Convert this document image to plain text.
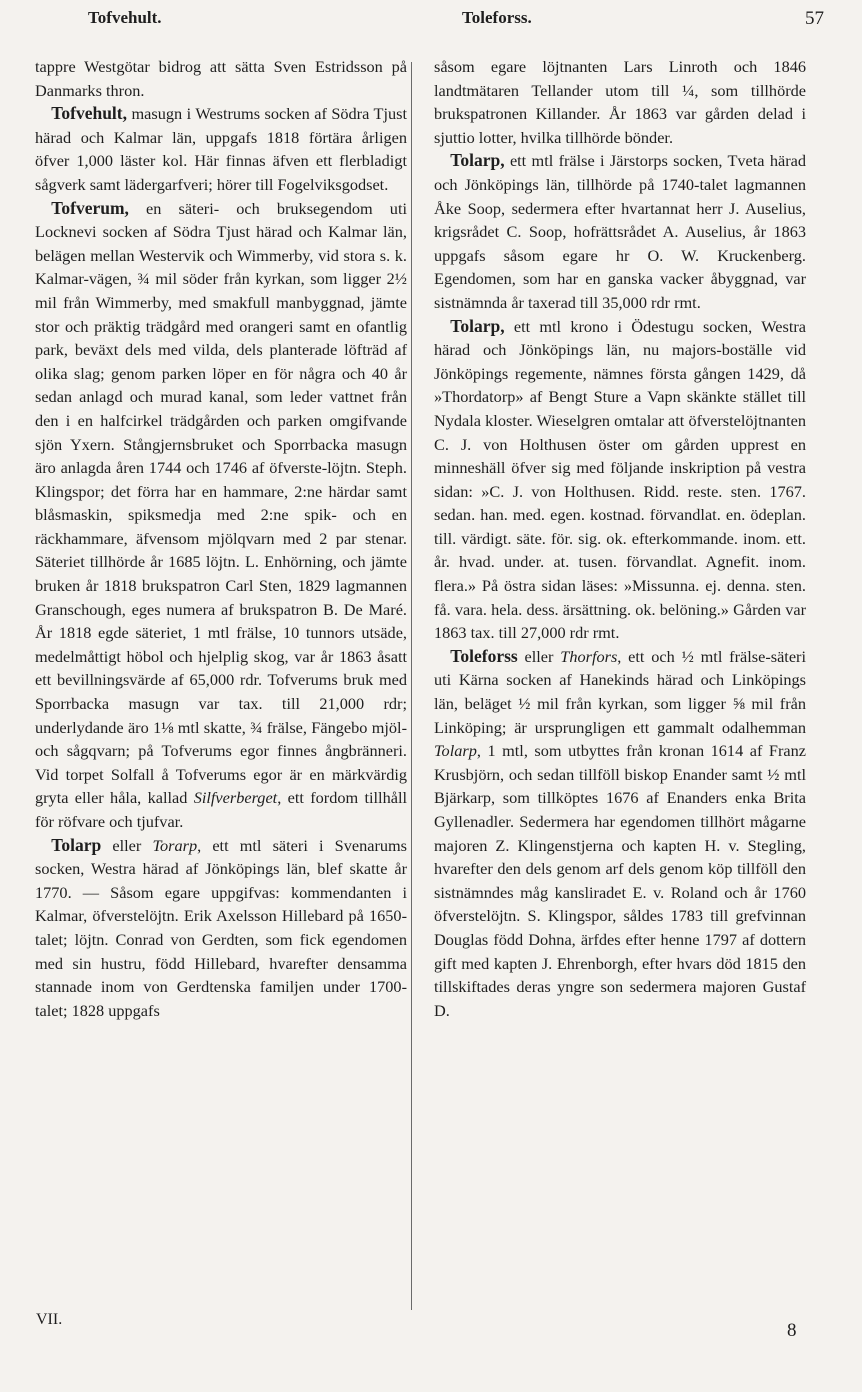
Tofvehult.	Toleforss.	57

tappre Westgötar bidrog att sätta Sven Estridsson på Danmarks thron.

Tofvehult, masugn i Westrums socken af Södra Tjust härad och Kalmar län, uppgafs 1818 förtära årligen öfver 1,000 läster kol. Här finnas äfven ett flerbladigt sågverk samt lädergarfveri; hörer till Fogelviksgodset.

Tofverum, en säteri- och bruksegendom uti Locknevi socken af Södra Tjust härad och Kalmar län, belägen mellan Westervik och Wimmerby, vid stora s. k. Kalmar-vägen, ¾ mil söder från kyrkan, som ligger 2½ mil från Wimmerby, med smakfull manbyggnad, jämte stor och präktig trädgård med orangeri samt en ofantlig park, beväxt dels med vilda, dels planterade löfträd af olika slag; genom parken löper en för några och 40 år sedan anlagd och murad kanal, som leder vattnet från den i en halfcirkel trädgården och parken omgifvande sjön Yxern. Stångjernsbruket och Sporrbacka masugn äro anlagda åren 1744 och 1746 af öfverste-löjtn. Steph. Klingspor; det förra har en hammare, 2:ne härdar samt blåsmaskin, spiksmedja med 2:ne spik- och en räckhammare, äfvensom mjölqvarn med 2 par stenar. Säteriet tillhörde år 1685 löjtn. L. Enhörning, och jämte bruken år 1818 brukspatron Carl Sten, 1829 lagmannen Granschough, eges numera af brukspatron B. De Maré. År 1818 egde säteriet, 1 mtl frälse, 10 tunnors utsäde, medelmåttigt höbol och hjelplig skog, var år 1863 åsatt ett bevillningsvärde af 65,000 rdr. Tofverums bruk med Sporrbacka masugn var tax. till 21,000 rdr; underlydande äro 1⅛ mtl skatte, ¾ frälse, Fängebo mjöl- och sågqvarn; på Tofverums egor finnes ångbränneri. Vid torpet Solfall å Tofverums egor är en märkvärdig gryta eller håla, kallad Silfverberget, ett fordom tillhåll för röfvare och tjufvar.

Tolarp eller Torarp, ett mtl säteri i Svenarums socken, Westra härad af Jönköpings län, blef skatte år 1770. — Såsom egare uppgifvas: kommendanten i Kalmar, öfverstelöjtn. Erik Axelsson Hillebard på 1650-talet; löjtn. Conrad von Gerdten, som fick egendomen med sin hustru, född Hillebard, hvarefter densamma stannade inom von Gerdtenska familjen under 1700-talet; 1828 uppgafs

såsom egare löjtnanten Lars Linroth och 1846 landtmätaren Tellander utom till ¼, som tillhörde brukspatronen Killander. År 1863 var gården delad i sjuttio lotter, hvilka tillhörde bönder.

Tolarp, ett mtl frälse i Järstorps socken, Tveta härad och Jönköpings län, tillhörde på 1740-talet lagmannen Åke Soop, sedermera efter hvartannat herr J. Auselius, krigsrådet C. Soop, hofrättsrådet A. Auselius, år 1863 uppgafs såsom egare hr O. W. Kruckenberg. Egendomen, som har en ganska vacker åbyggnad, var sistnämnda år taxerad till 35,000 rdr rmt.

Tolarp, ett mtl krono i Ödestugu socken, Westra härad och Jönköpings län, nu majors-boställe vid Jönköpings regemente, nämnes första gången 1429, då »Thordatorp» af Bengt Sture a Vapn skänkte stället till Nydala kloster. Wieselgren omtalar att öfverstelöjtnanten C. J. von Holthusen öster om gården upprest en minneshäll öfver sig med följande inskription på vestra sidan: »C. J. von Holthusen. Ridd. reste. sten. 1767. sedan. han. med. egen. kostnad. förvandlat. en. ödeplan. till. värdigt. säte. för. sig. ok. efterkommande. inom. ett. år. hvad. under. at. tusen. förvandlat. Agnefit. inom. flera.» På östra sidan läses: »Missunna. ej. denna. sten. få. vara. hela. dess. ärsättning. ok. belöning.» Gården var 1863 tax. till 27,000 rdr rmt.

Toleforss eller Thorfors, ett och ½ mtl frälse-säteri uti Kärna socken af Hanekinds härad och Linköpings län, beläget ½ mil från kyrkan, som ligger ⅝ mil från Linköping; är ursprungligen ett gammalt odalhemman Tolarp, 1 mtl, som utbyttes från kronan 1614 af Franz Krusbjörn, och sedan tillföll biskop Enander samt ½ mtl Bjärkarp, som tillköptes 1676 af Enanders enka Brita Gyllenadler. Sedermera har egendomen tillhört mågarne majoren Z. Klingenstjerna och kapten H. v. Stegling, hvarefter den dels genom arf dels genom köp tillföll den sistnämndes måg kansliradet E. v. Roland och år 1760 öfverstelöjtn. S. Klingspor, såldes 1783 till grefvinnan Douglas född Dohna, ärfdes efter henne 1797 af dottern gift med kapten J. Ehrenborgh, efter hvars död 1815 den tillskiftades deras yngre son sedermera majoren Gustaf D.

VII.
8
